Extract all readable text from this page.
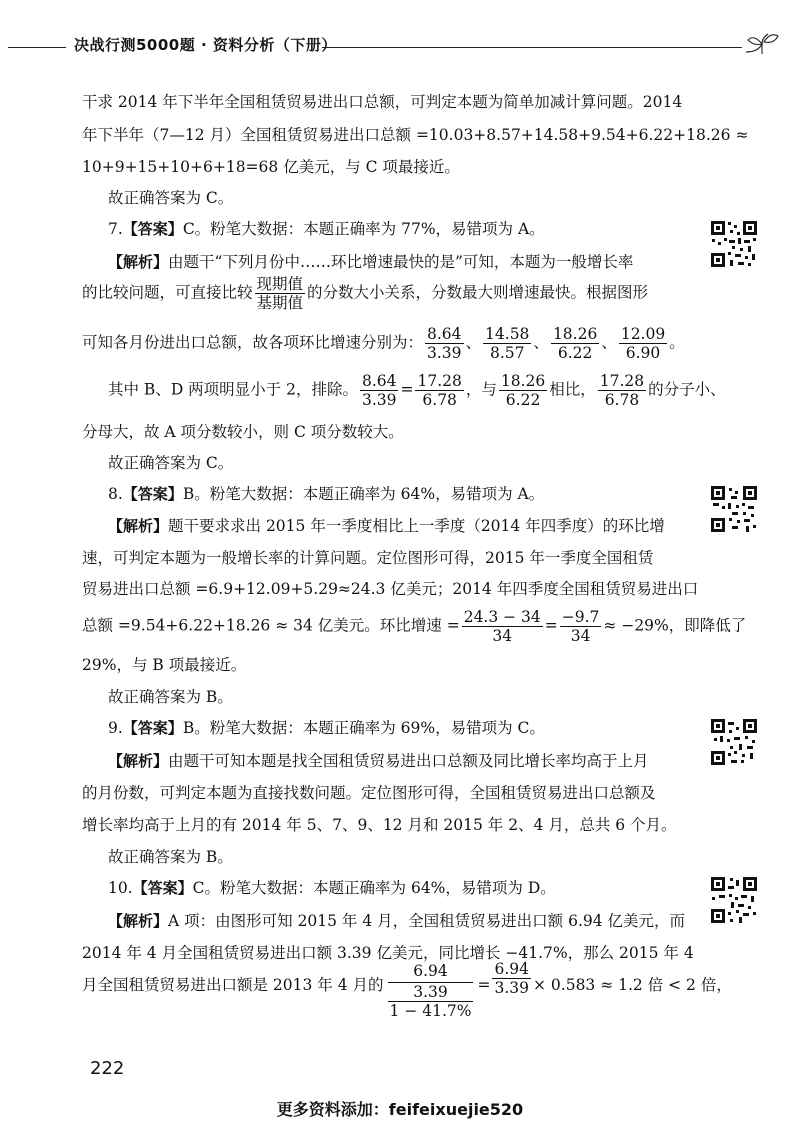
决战行测5000题 · 资料分析（下册）
干求 2014 年下半年全国租赁贸易进出口总额，可判定本题为简单加减计算问题。2014
年下半年（7—12 月）全国租赁贸易进出口总额 =10.03+8.57+14.58+9.54+6.22+18.26 ≈
10+9+15+10+6+18=68 亿美元，与 C 项最接近。
故正确答案为 C。
7.【答案】C。粉笔大数据：本题正确率为 77%，易错项为 A。
【解析】由题干“下列月份中……环比增速最快的是”可知，本题为一般增长率
的比较问题，可直接比较 $\frac{\text{现期值}}{\text{基期值}}$ 的分数大小关系，分数最大则增速最快。根据图形
可知各月份进出口总额，故各项环比增速分别为： $\frac{8.64}{3.39}$ 、 $\frac{14.58}{8.57}$ 、 $\frac{18.26}{6.22}$ 、 $\frac{12.09}{6.90}$ 。
其中 B、D 两项明显小于 2，排除。 $\frac{8.64}{3.39} = \frac{17.28}{6.78}$ ，与 $\frac{18.26}{6.22}$ 相比， $\frac{17.28}{6.78}$ 的分子小、
分母大，故 A 项分数较小，则 C 项分数较大。
故正确答案为 C。
8.【答案】B。粉笔大数据：本题正确率为 64%，易错项为 A。
【解析】题干要求求出 2015 年一季度相比上一季度（2014 年四季度）的环比增
速，可判定本题为一般增长率的计算问题。定位图形可得，2015 年一季度全国租赁
贸易进出口总额 =6.9+12.09+5.29≈24.3 亿美元；2014 年四季度全国租赁贸易进出口
总额 =9.54+6.22+18.26 ≈ 34 亿美元。环比增速 = $\frac{24.3 - 34}{34} = \frac{-9.7}{34} \approx -29\%$，即降低了
29%，与 B 项最接近。
故正确答案为 B。
9.【答案】B。粉笔大数据：本题正确率为 69%，易错项为 C。
【解析】由题干可知本题是找全国租赁贸易进出口总额及同比增长率均高于上月
的月份数，可判定本题为直接找数问题。定位图形可得，全国租赁贸易进出口总额及
增长率均高于上月的有 2014 年 5、7、9、12 月和 2015 年 2、4 月，总共 6 个月。
故正确答案为 B。
10.【答案】C。粉笔大数据：本题正确率为 64%，易错项为 D。
【解析】A 项：由图形可知 2015 年 4 月，全国租赁贸易进出口额 6.94 亿美元，而
2014 年 4 月全国租赁贸易进出口额 3.39 亿美元，同比增长 −41.7%，那么 2015 年 4
月全国租赁贸易进出口额是 2013 年 4 月的 $\frac{6.94}{\frac{3.39}{1 - 41.7\%}} = \frac{6.94}{3.39} \times 0.583 \approx 1.2$ 倍 < 2 倍，
222
更多资料添加：feifeixuejie520
